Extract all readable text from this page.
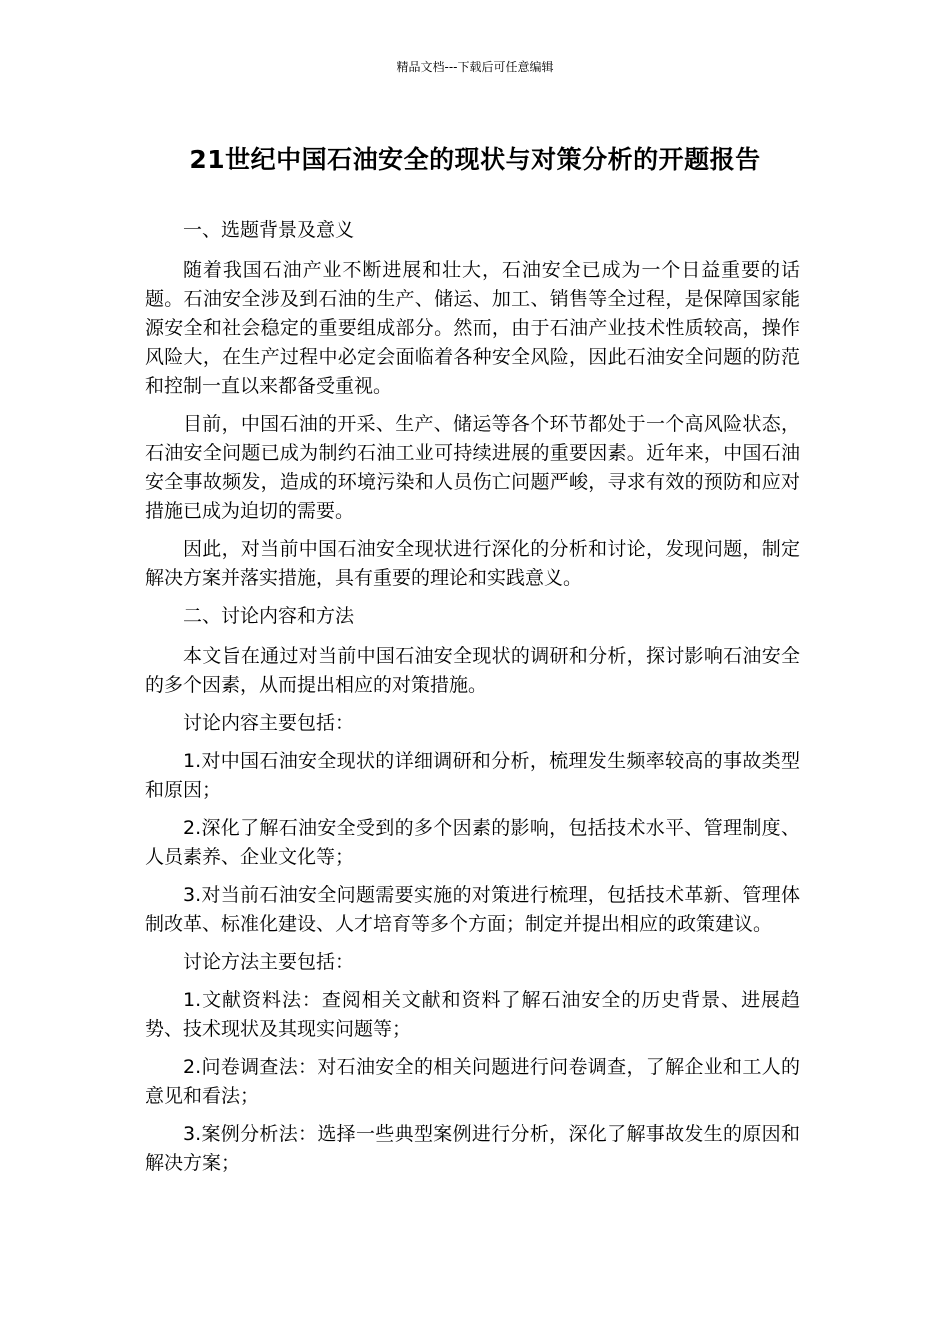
精品文档---下载后可任意编辑
21世纪中国石油安全的现状与对策分析的开题报告

一、选题背景及意义

随着我国石油产业不断进展和壮大，石油安全已成为一个日益重要的话题。石油安全涉及到石油的生产、储运、加工、销售等全过程，是保障国家能源安全和社会稳定的重要组成部分。然而，由于石油产业技术性质较高，操作风险大，在生产过程中必定会面临着各种安全风险，因此石油安全问题的防范和控制一直以来都备受重视。

目前，中国石油的开采、生产、储运等各个环节都处于一个高风险状态，石油安全问题已成为制约石油工业可持续进展的重要因素。近年来，中国石油安全事故频发，造成的环境污染和人员伤亡问题严峻，寻求有效的预防和应对措施已成为迫切的需要。

因此，对当前中国石油安全现状进行深化的分析和讨论，发现问题，制定解决方案并落实措施，具有重要的理论和实践意义。

二、讨论内容和方法

本文旨在通过对当前中国石油安全现状的调研和分析，探讨影响石油安全的多个因素，从而提出相应的对策措施。

讨论内容主要包括：

1.对中国石油安全现状的详细调研和分析，梳理发生频率较高的事故类型和原因；

2.深化了解石油安全受到的多个因素的影响，包括技术水平、管理制度、人员素养、企业文化等；

3.对当前石油安全问题需要实施的对策进行梳理，包括技术革新、管理体制改革、标准化建设、人才培育等多个方面；制定并提出相应的政策建议。

讨论方法主要包括：

1.文献资料法：查阅相关文献和资料了解石油安全的历史背景、进展趋势、技术现状及其现实问题等；

2.问卷调查法：对石油安全的相关问题进行问卷调查，了解企业和工人的意见和看法；

3.案例分析法：选择一些典型案例进行分析，深化了解事故发生的原因和解决方案；
